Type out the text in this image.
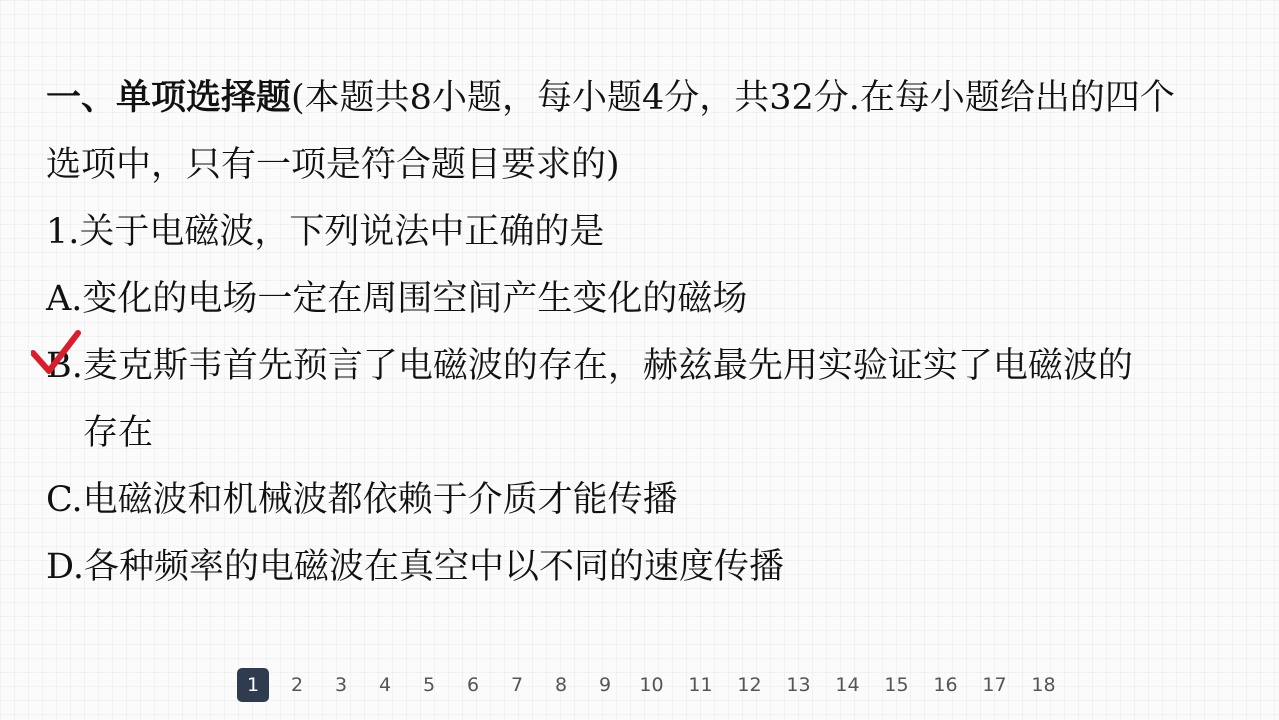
一、单项选择题(本题共8小题，每小题4分，共32分.在每小题给出的四个
选项中，只有一项是符合题目要求的)
1.关于电磁波，下列说法中正确的是
A.变化的电场一定在周围空间产生变化的磁场
B.麦克斯韦首先预言了电磁波的存在，赫兹最先用实验证实了电磁波的
存在
C.电磁波和机械波都依赖于介质才能传播
D.各种频率的电磁波在真空中以不同的速度传播
1	2	3	4	5	6	7	8	9	10	11	12	13	14	15	16	17	18
